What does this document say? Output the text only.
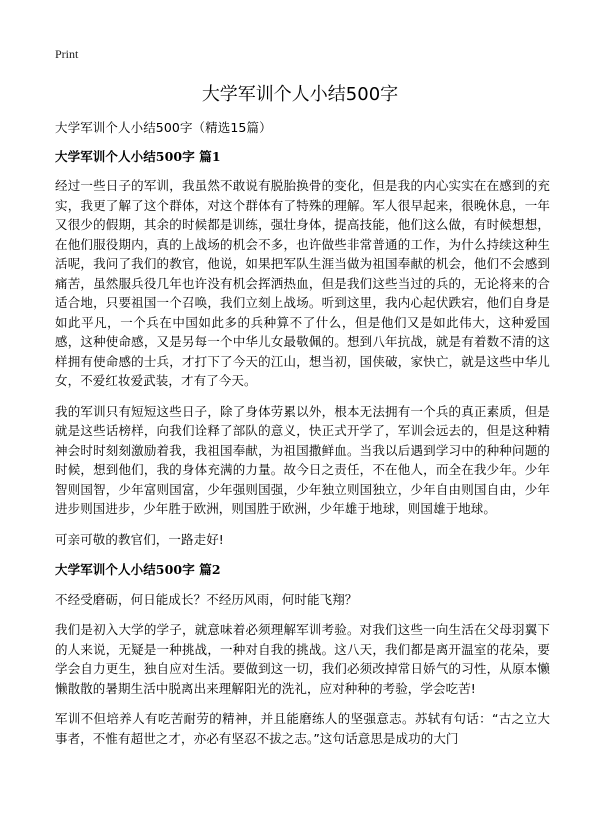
Print
大学军训个人小结500字

大学军训个人小结500字（精选15篇）

大学军训个人小结500字 篇1

经过一些日子的军训，我虽然不敢说有脱胎换骨的变化，但是我的内心实实在在感到的充实，我更了解了这个群体，对这个群体有了特殊的理解。军人很早起来，很晚休息，一年又很少的假期，其余的时候都是训练，强壮身体，提高技能，他们这么做，有时候想想，在他们服役期内，真的上战场的机会不多，也许做些非常普通的工作，为什么持续这种生活呢，我问了我们的教官，他说，如果把军队生涯当做为祖国奉献的机会，他们不会感到痛苦，虽然服兵役几年也许没有机会挥洒热血，但是我们这些当过的兵的，无论将来的合适合地，只要祖国一个召唤，我们立刻上战场。听到这里，我内心起伏跌宕，他们自身是如此平凡，一个兵在中国如此多的兵种算不了什么，但是他们又是如此伟大，这种爱国感，这种使命感，又是另每一个中华儿女最敬佩的。想到八年抗战，就是有着数不清的这样拥有使命感的士兵，才打下了今天的江山，想当初，国侠破，家快亡，就是这些中华儿女，不爱红妆爱武装，才有了今天。

我的军训只有短短这些日子，除了身体劳累以外，根本无法拥有一个兵的真正素质，但是就是这些话榜样，向我们诠释了部队的意义，快正式开学了，军训会远去的，但是这种精神会时时刻刻激励着我，我祖国奉献，为祖国撒鲜血。当我以后遇到学习中的种种问题的时候，想到他们，我的身体充满的力量。故今日之责任，不在他人，而全在我少年。少年智则国智，少年富则国富，少年强则国强，少年独立则国独立，少年自由则国自由，少年进步则国进步，少年胜于欧洲，则国胜于欧洲，少年雄于地球，则国雄于地球。

可亲可敬的教官们，一路走好!

大学军训个人小结500字 篇2

不经受磨砺，何日能成长？不经历风雨，何时能飞翔？

我们是初入大学的学子，就意味着必须理解军训考验。对我们这些一向生活在父母羽翼下的人来说，无疑是一种挑战，一种对自我的挑战。这八天，我们都是离开温室的花朵，要学会自力更生，独自应对生活。要做到这一切，我们必须改掉常日娇气的习性，从原本懒懒散散的暑期生活中脱离出来理解阳光的洗礼，应对种种的考验，学会吃苦!

军训不但培养人有吃苦耐劳的精神，并且能磨练人的坚强意志。苏轼有句话：“古之立大事者，不惟有超世之才，亦必有坚忍不拔之志。”这句话意思是成功的大门
